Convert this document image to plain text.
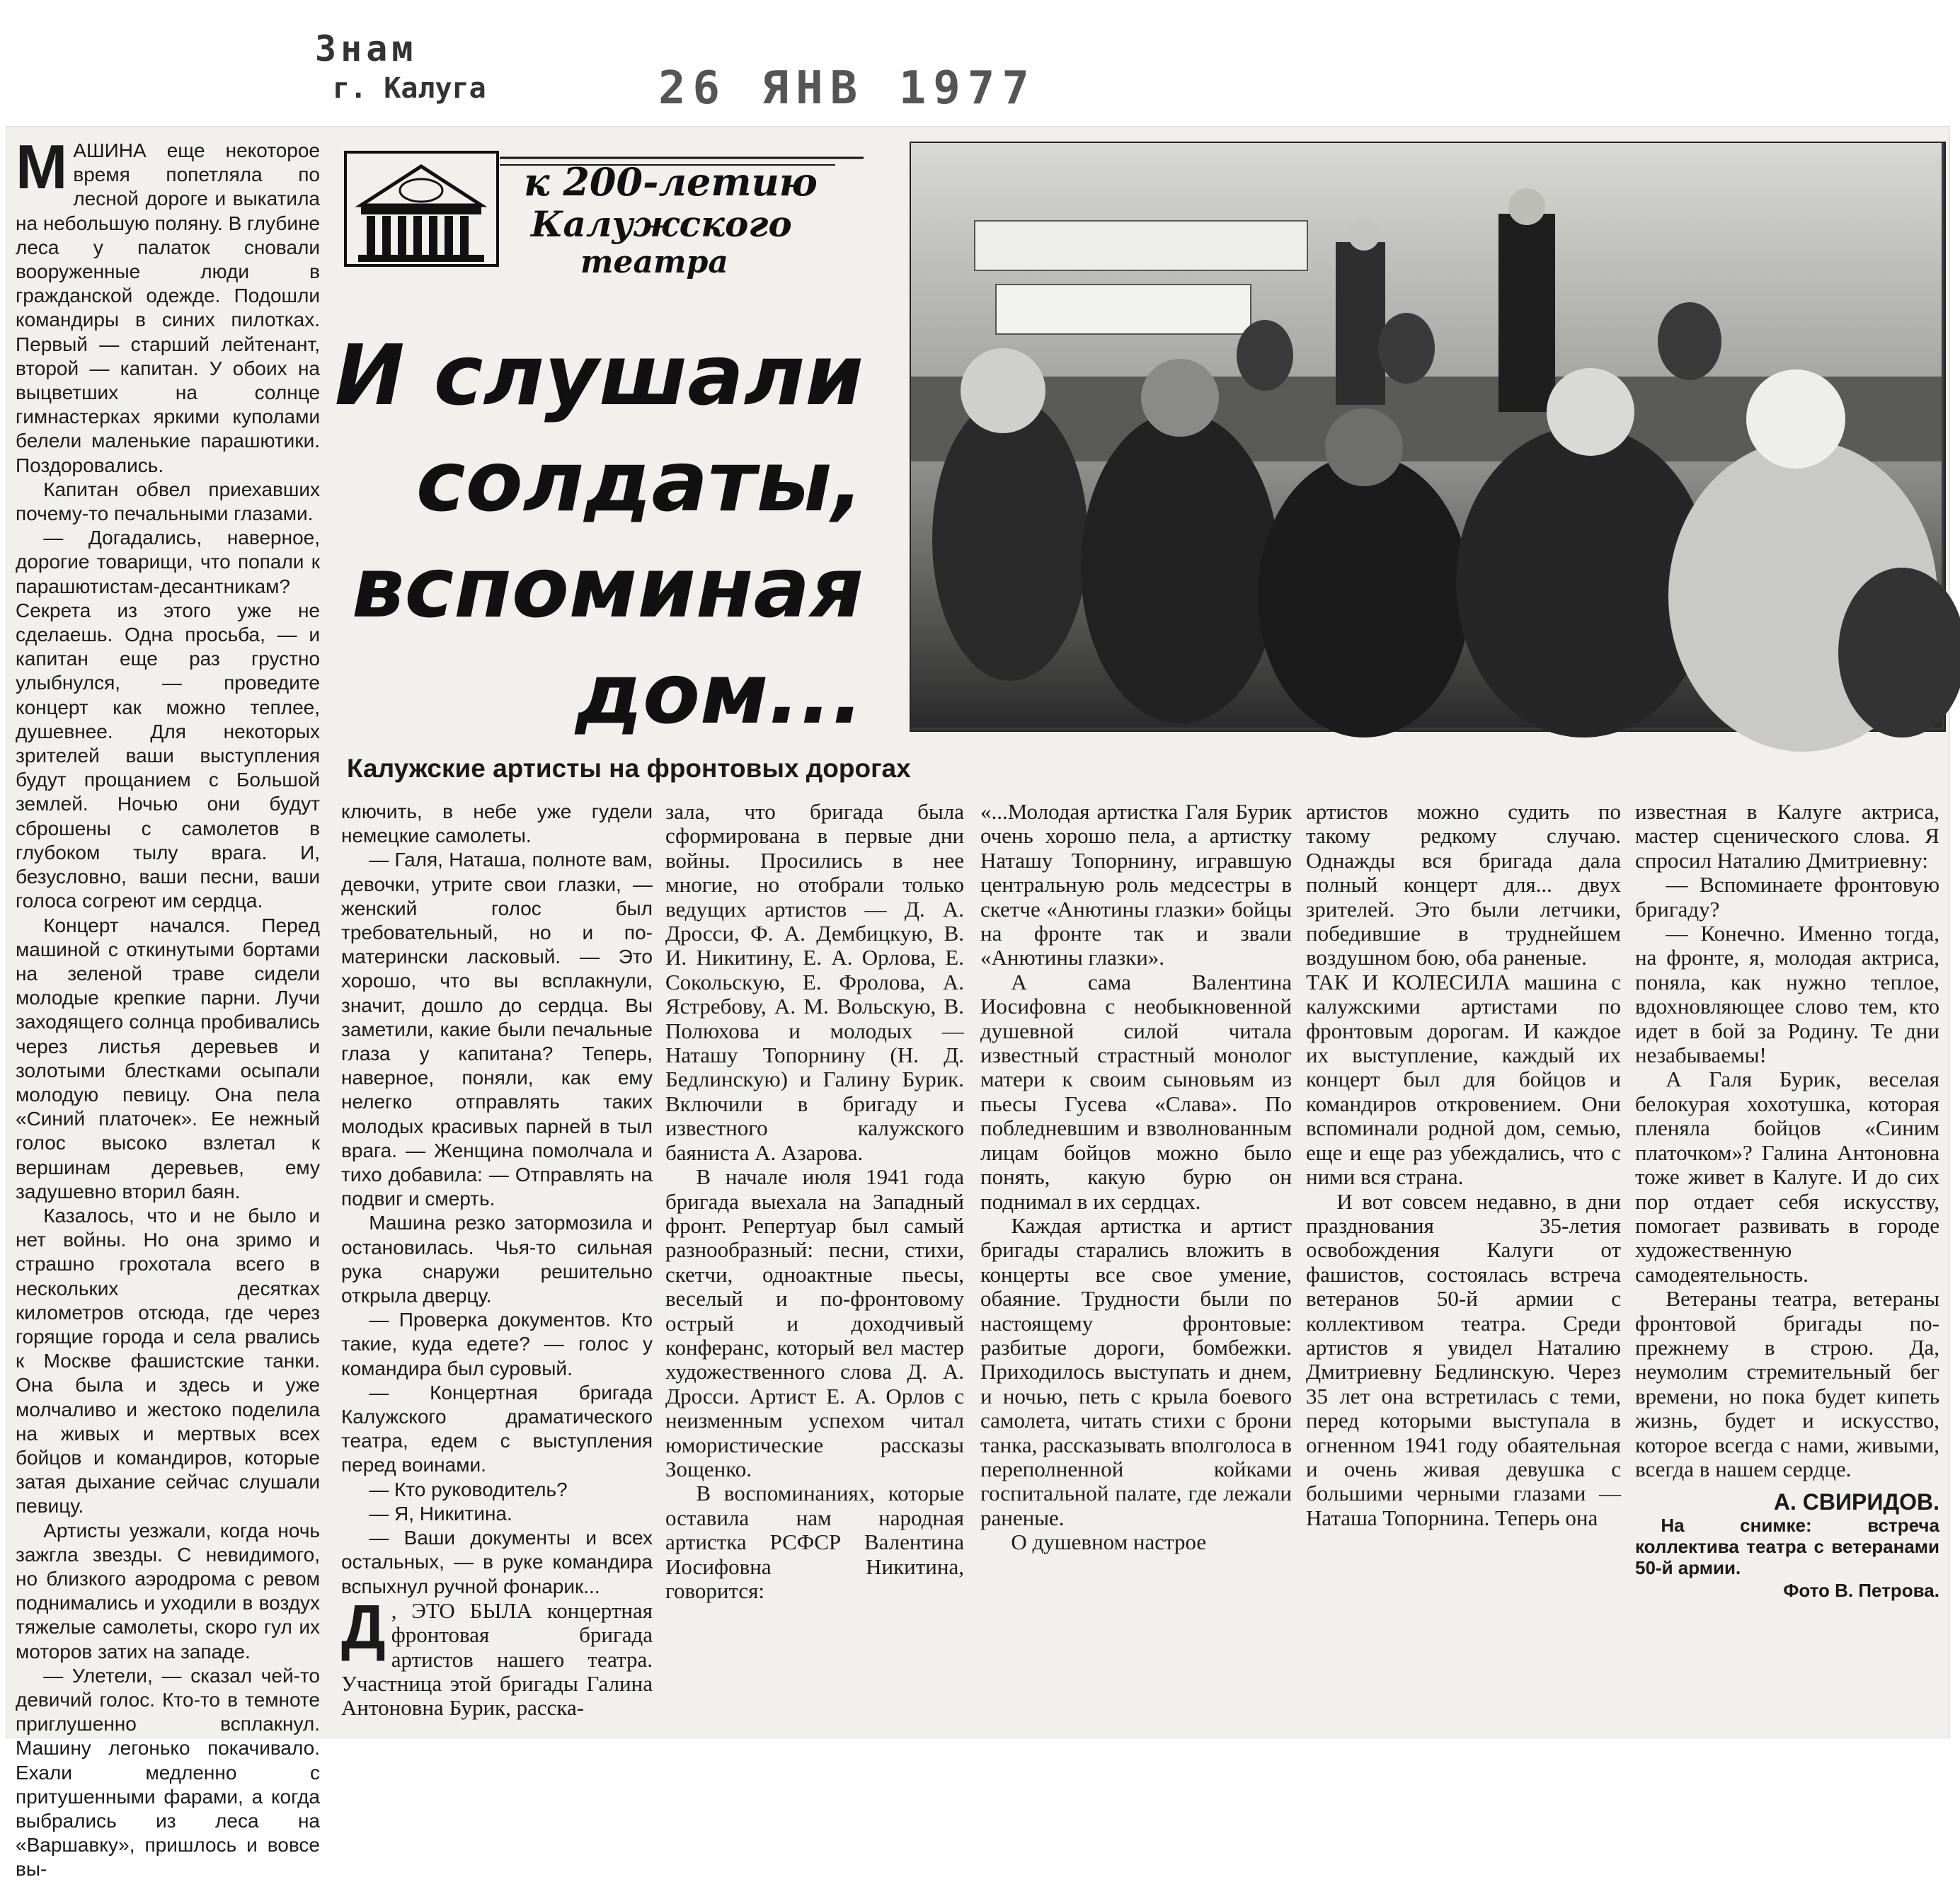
Знам
г. Калуга	26 ЯНВ 1977

МАШИНА еще некоторое время попетляла по лесной дороге и выкатила на небольшую поляну. В глубине леса у палаток сновали вооруженные люди в гражданской одежде. Подошли командиры в синих пилотках. Первый — старший лейтенант, второй — капитан. У обоих на выцветших на солнце гимнастерках яркими куполами белели маленькие парашютики. Поздоровались.

Капитан обвел приехавших почему-то печальными глазами.

— Догадались, наверное, дорогие товарищи, что попали к парашютистам-десантникам? Секрета из этого уже не сделаешь. Одна просьба, — и капитан еще раз грустно улыбнулся, — проведите концерт как можно теплее, душевнее. Для некоторых зрителей ваши выступления будут прощанием с Большой землей. Ночью они будут сброшены с самолетов в глубоком тылу врага. И, безусловно, ваши песни, ваши голоса согреют им сердца.

Концерт начался. Перед машиной с откинутыми бортами на зеленой траве сидели молодые крепкие парни. Лучи заходящего солнца пробивались через листья деревьев и золотыми блестками осыпали молодую певицу. Она пела «Синий платочек». Ее нежный голос высоко взлетал к вершинам деревьев, ему задушевно вторил баян.

Казалось, что и не было и нет войны. Но она зримо и страшно грохотала всего в нескольких десятках километров отсюда, где через горящие города и села рвались к Москве фашистские танки. Она была и здесь и уже молчаливо и жестоко поделила на живых и мертвых всех бойцов и командиров, которые затая дыхание сейчас слушали певицу.

Артисты уезжали, когда ночь зажгла звезды. С невидимого, но близкого аэродрома с ревом поднимались и уходили в воздух тяжелые самолеты, скоро гул их моторов затих на западе.

— Улетели, — сказал чей-то девичий голос. Кто-то в темноте приглушенно всплакнул. Машину легонько покачивало. Ехали медленно с притушенными фарами, а когда выбрались из леса на «Варшавку», пришлось и вовсе вы-

к 200-летию
Калужского
театра
И слушали
солдаты,
вспоминая
дом...
Калужские артисты на фронтовых дорогах

ключить, в небе уже гудели немецкие самолеты.

— Галя, Наташа, полноте вам, девочки, утрите свои глазки, — женский голос был требовательный, но и по-матерински ласковый. — Это хорошо, что вы всплакнули, значит, дошло до сердца. Вы заметили, какие были печальные глаза у капитана? Теперь, наверное, поняли, как ему нелегко отправлять таких молодых красивых парней в тыл врага. — Женщина помолчала и тихо добавила: — Отправлять на подвиг и смерть.

Машина резко затормозила и остановилась. Чья-то сильная рука снаружи решительно открыла дверцу.

— Проверка документов. Кто такие, куда едете? — голос у командира был суровый.

— Концертная бригада Калужского драматического театра, едем с выступления перед воинами.

— Кто руководитель?

— Я, Никитина.

— Ваши документы и всех остальных, — в руке командира вспыхнул ручной фонарик...

Д , ЭТО БЫЛА концертная фронтовая бригада артистов нашего театра. Участница этой бригады Галина Антоновна Бурик, расска-

зала, что бригада была сформирована в первые дни войны. Просились в нее многие, но отобрали только ведущих артистов — Д. А. Дросси, Ф. А. Дембицкую, В. И. Никитину, Е. А. Орлова, Е. Сокольскую, Е. Фролова, А. Ястребову, А. М. Вольскую, В. Полюхова и молодых — Наташу Топорнину (Н. Д. Бедлинскую) и Галину Бурик. Включили в бригаду и известного калужского баяниста А. Азарова.

В начале июля 1941 года бригада выехала на Западный фронт. Репертуар был самый разнообразный: песни, стихи, скетчи, одноактные пьесы, веселый и по-фронтовому острый и доходчивый конферанс, который вел мастер художественного слова Д. А. Дросси. Артист Е. А. Орлов с неизменным успехом читал юмористические рассказы Зощенко.

В воспоминаниях, которые оставила нам народная артистка РСФСР Валентина Иосифовна Никитина, говорится:

«...Молодая артистка Галя Бурик очень хорошо пела, а артистку Наташу Топорнину, игравшую центральную роль медсестры в скетче «Анютины глазки» бойцы на фронте так и звали «Анютины глазки».

А сама Валентина Иосифовна с необыкновенной душевной силой читала известный страстный монолог матери к своим сыновьям из пьесы Гусева «Слава». По побледневшим и взволнованным лицам бойцов можно было понять, какую бурю он поднимал в их сердцах.

Каждая артистка и артист бригады старались вложить в концерты все свое умение, обаяние. Трудности были по настоящему фронтовые: разбитые дороги, бомбежки. Приходилось выступать и днем, и ночью, петь с крыла боевого самолета, читать стихи с брони танка, рассказывать вполголоса в переполненной койками госпитальной палате, где лежали раненые.

О душевном настрое

артистов можно судить по такому редкому случаю. Однажды вся бригада дала полный концерт для... двух зрителей. Это были летчики, победившие в труднейшем воздушном бою, оба раненые.

ТАК И КОЛЕСИЛА машина с калужскими артистами по фронтовым дорогам. И каждое их выступление, каждый их концерт был для бойцов и командиров откровением. Они вспоминали родной дом, семью, еще и еще раз убеждались, что с ними вся страна.

И вот совсем недавно, в дни празднования 35-летия освобождения Калуги от фашистов, состоялась встреча ветеранов 50-й армии с коллективом театра. Среди артистов я увидел Наталию Дмитриевну Бедлинскую. Через 35 лет она встретилась с теми, перед которыми выступала в огненном 1941 году обаятельная и очень живая девушка с большими черными глазами — Наташа Топорнина. Теперь она

известная в Калуге актриса, мастер сценического слова. Я спросил Наталию Дмитриевну:

— Вспоминаете фронтовую бригаду?

— Конечно. Именно тогда, на фронте, я, молодая актриса, поняла, как нужно теплое, вдохновляющее слово тем, кто идет в бой за Родину. Те дни незабываемы!

А Галя Бурик, веселая белокурая хохотушка, которая пленяла бойцов «Синим платочком»? Галина Антоновна тоже живет в Калуге. И до сих пор отдает себя искусству, помогает развивать в городе художественную самодеятельность.

Ветераны театра, ветераны фронтовой бригады по-прежнему в строю. Да, неумолим стремительный бег времени, но пока будет кипеть жизнь, будет и искусство, которое всегда с нами, живыми, всегда в нашем сердце.

А. СВИРИДОВ.

На снимке: встреча коллектива театра с ветеранами 50-й армии.

Фото В. Петрова.
